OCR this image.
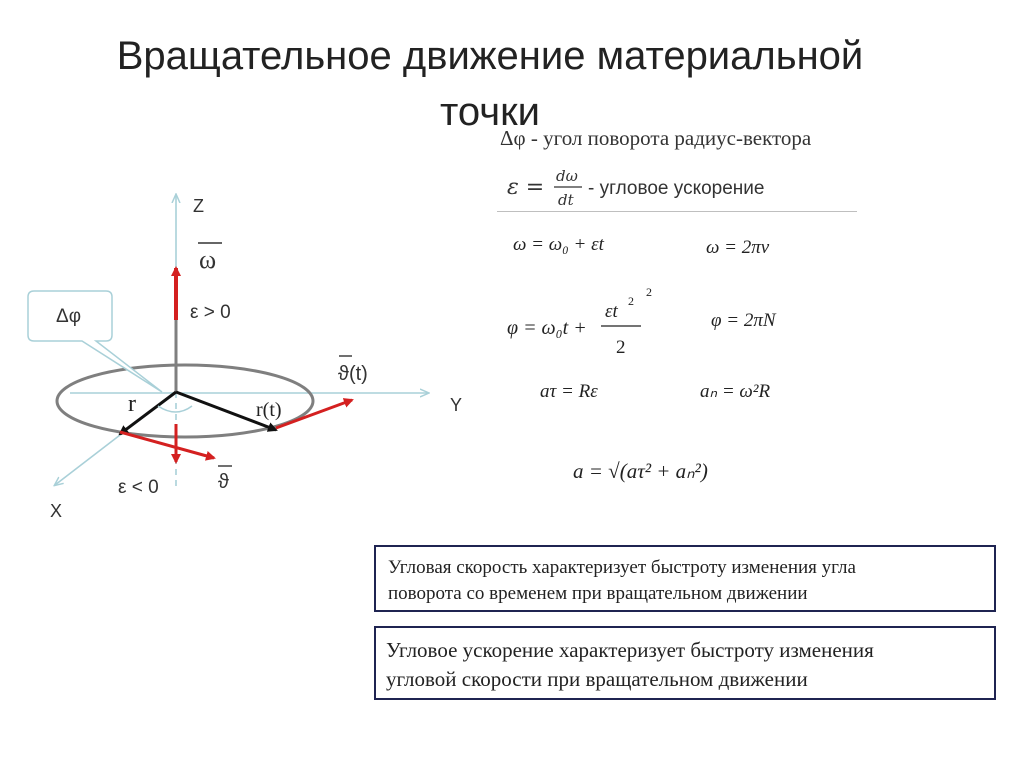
Вращательное движение материальной
точки
Δφ - угол поворота радиус-вектора
Δφ
Z
Y
X
ω
ε > 0
ε < 0
r	r(t)
ϑ(t)
ϑ
ε = dω
dt
- угловое ускорение
ω = ω₀ + εt	ω = 2πν
φ = ω₀t +
εt 2
2
2
φ = 2πN
aτ = Rε	aₙ = ω²R
a = √(aτ² + aₙ²)
Угловая скорость характеризует быстроту изменения угла
поворота со временем при вращательном движении
Угловое ускорение характеризует быстроту изменения
угловой скорости при вращательном движении
